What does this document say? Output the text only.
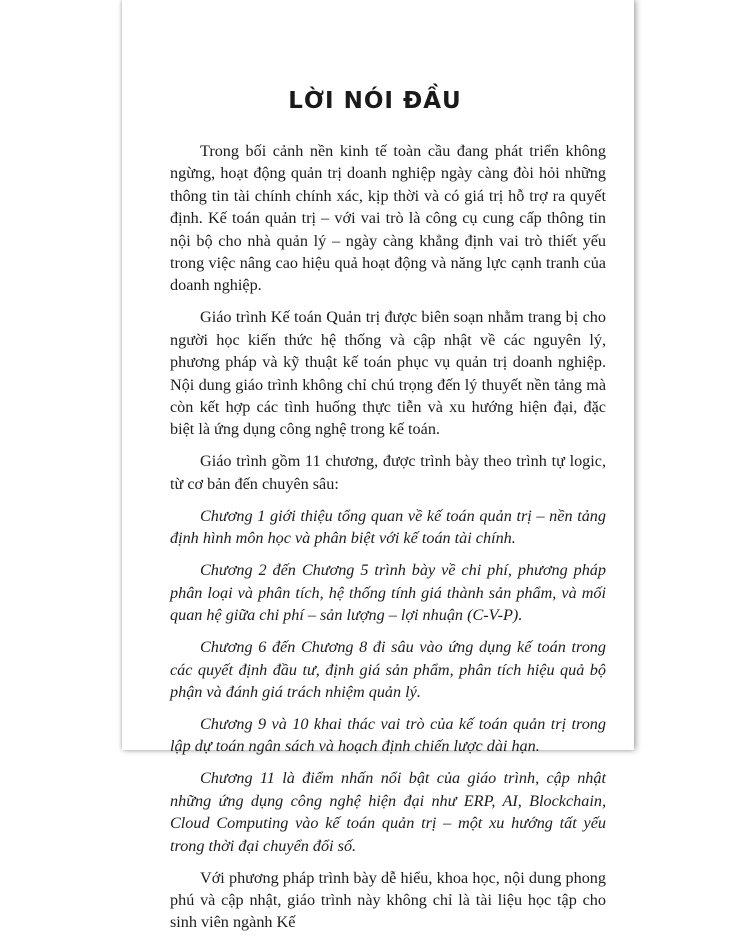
LỜI NÓI ĐẦU

Trong bối cảnh nền kinh tế toàn cầu đang phát triển không ngừng, hoạt động quản trị doanh nghiệp ngày càng đòi hỏi những thông tin tài chính chính xác, kịp thời và có giá trị hỗ trợ ra quyết định. Kế toán quản trị – với vai trò là công cụ cung cấp thông tin nội bộ cho nhà quản lý – ngày càng khẳng định vai trò thiết yếu trong việc nâng cao hiệu quả hoạt động và năng lực cạnh tranh của doanh nghiệp.

Giáo trình Kế toán Quản trị được biên soạn nhằm trang bị cho người học kiến thức hệ thống và cập nhật về các nguyên lý, phương pháp và kỹ thuật kế toán phục vụ quản trị doanh nghiệp. Nội dung giáo trình không chỉ chú trọng đến lý thuyết nền tảng mà còn kết hợp các tình huống thực tiễn và xu hướng hiện đại, đặc biệt là ứng dụng công nghệ trong kế toán.

Giáo trình gồm 11 chương, được trình bày theo trình tự logic, từ cơ bản đến chuyên sâu:

Chương 1 giới thiệu tổng quan về kế toán quản trị – nền tảng định hình môn học và phân biệt với kế toán tài chính.

Chương 2 đến Chương 5 trình bày về chi phí, phương pháp phân loại và phân tích, hệ thống tính giá thành sản phẩm, và mối quan hệ giữa chi phí – sản lượng – lợi nhuận (C-V-P).

Chương 6 đến Chương 8 đi sâu vào ứng dụng kế toán trong các quyết định đầu tư, định giá sản phẩm, phân tích hiệu quả bộ phận và đánh giá trách nhiệm quản lý.

Chương 9 và 10 khai thác vai trò của kế toán quản trị trong lập dự toán ngân sách và hoạch định chiến lược dài hạn.

Chương 11 là điểm nhấn nổi bật của giáo trình, cập nhật những ứng dụng công nghệ hiện đại như ERP, AI, Blockchain, Cloud Computing vào kế toán quản trị – một xu hướng tất yếu trong thời đại chuyển đổi số.

Với phương pháp trình bày dễ hiểu, khoa học, nội dung phong phú và cập nhật, giáo trình này không chỉ là tài liệu học tập cho sinh viên ngành Kế
